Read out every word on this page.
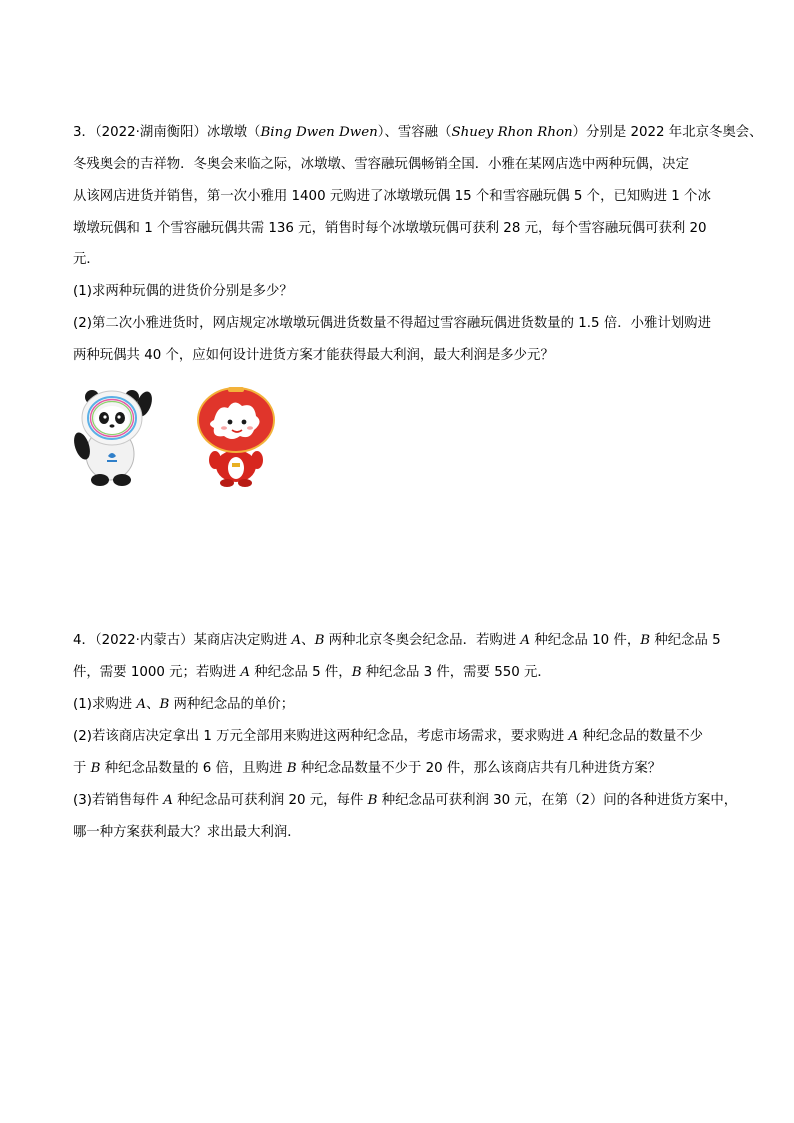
3．（2022·湖南衡阳）冰墩墩（Bing Dwen Dwen）、雪容融（Shuey Rhon Rhon）分别是 2022 年北京冬奥会、
冬残奥会的吉祥物．冬奥会来临之际，冰墩墩、雪容融玩偶畅销全国．小雅在某网店选中两种玩偶，决定
从该网店进货并销售，第一次小雅用 1400 元购进了冰墩墩玩偶 15 个和雪容融玩偶 5 个，已知购进 1 个冰
墩墩玩偶和 1 个雪容融玩偶共需 136 元，销售时每个冰墩墩玩偶可获利 28 元，每个雪容融玩偶可获利 20
元．
(1)求两种玩偶的进货价分别是多少？
(2)第二次小雅进货时，网店规定冰墩墩玩偶进货数量不得超过雪容融玩偶进货数量的 1.5 倍．小雅计划购进
两种玩偶共 40 个，应如何设计进货方案才能获得最大利润，最大利润是多少元？
4．（2022·内蒙古）某商店决定购进 A、B 两种北京冬奥会纪念品．若购进 A 种纪念品 10 件，B 种纪念品 5
件，需要 1000 元；若购进 A 种纪念品 5 件，B 种纪念品 3 件，需要 550 元．
(1)求购进 A、B 两种纪念品的单价；
(2)若该商店决定拿出 1 万元全部用来购进这两种纪念品，考虑市场需求，要求购进 A 种纪念品的数量不少
于 B 种纪念品数量的 6 倍，且购进 B 种纪念品数量不少于 20 件，那么该商店共有几种进货方案？
(3)若销售每件 A 种纪念品可获利润 20 元，每件 B 种纪念品可获利润 30 元，在第（2）问的各种进货方案中，
哪一种方案获利最大？求出最大利润．
